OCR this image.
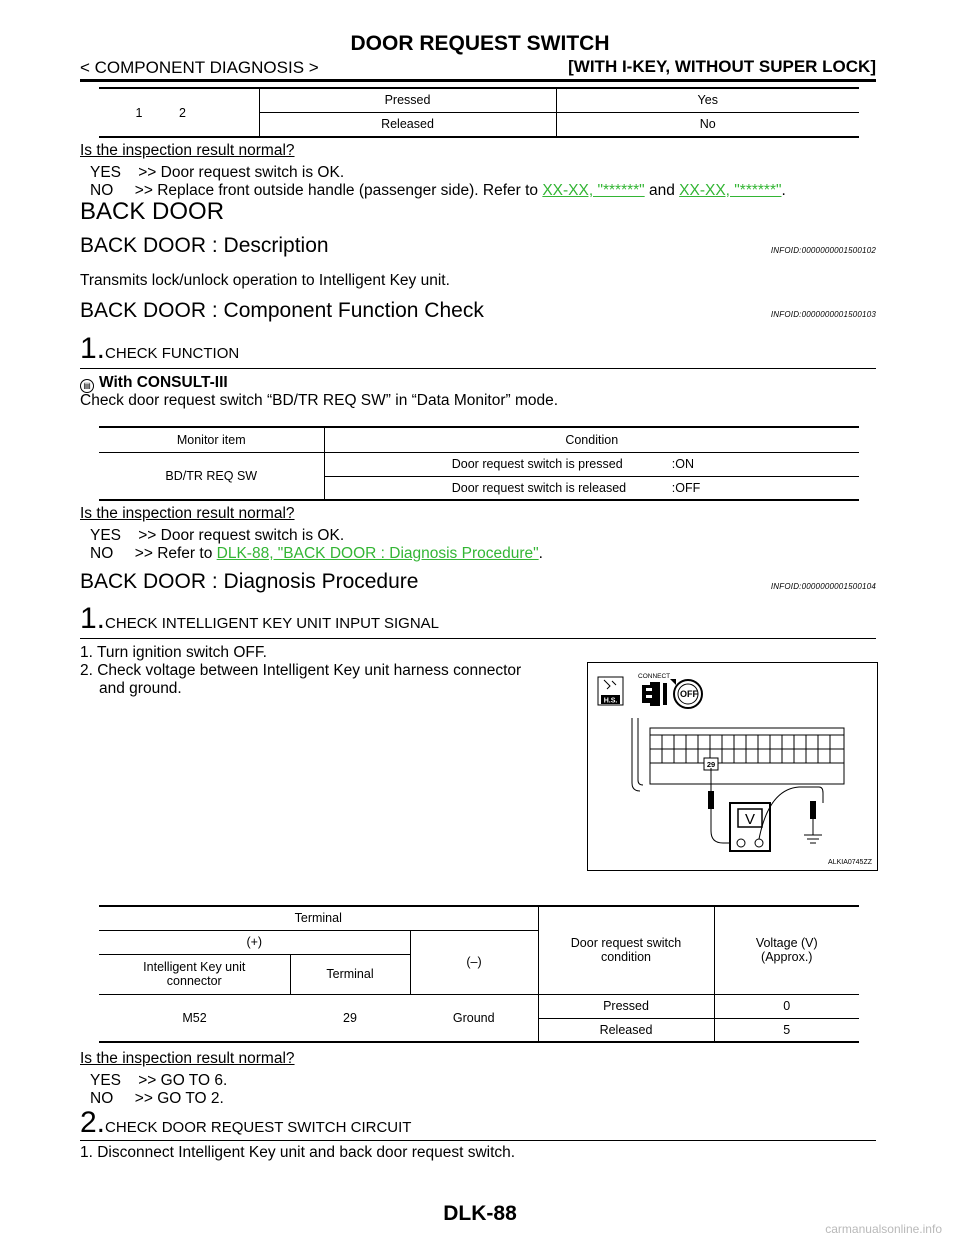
DOOR REQUEST SWITCH
< COMPONENT DIAGNOSIS >	[WITH I-KEY, WITHOUT SUPER LOCK]
1	2	Pressed	Yes
		Released	No
Is the inspection result normal?
YES    >> Door request switch is OK.
NO     >> Replace front outside handle (passenger side). Refer to XX-XX, "******" and XX-XX, "******".
BACK DOOR
BACK DOOR : Description	INFOID:0000000001500102
Transmits lock/unlock operation to Intelligent Key unit.
BACK DOOR : Component Function Check	INFOID:0000000001500103
1.CHECK FUNCTION
▤ With CONSULT-III
Check door request switch “BD/TR REQ SW” in “Data Monitor” mode.
Monitor item	Condition
BD/TR REQ SW	Door request switch is pressed :ON
	Door request switch is released :OFF
Is the inspection result normal?
YES    >> Door request switch is OK.
NO     >> Refer to DLK-88, "BACK DOOR : Diagnosis Procedure".
BACK DOOR : Diagnosis Procedure	INFOID:0000000001500104
1.CHECK INTELLIGENT KEY UNIT INPUT SIGNAL
1. Turn ignition switch OFF.
2. Check voltage between Intelligent Key unit harness connector
and ground.
H.S.
CONNECT
OFF
29
V
ALKIA0745ZZ
Terminal			Door request switch condition	Voltage (V) (Approx.)
(+)		(–)		
Intelligent Key unit connector	Terminal			
M52	29	Ground	Pressed	0
			Released	5
Is the inspection result normal?
YES    >> GO TO 6.
NO     >> GO TO 2.
2.CHECK DOOR REQUEST SWITCH CIRCUIT
1. Disconnect Intelligent Key unit and back door request switch.
DLK-88
carmanualsonline.info
